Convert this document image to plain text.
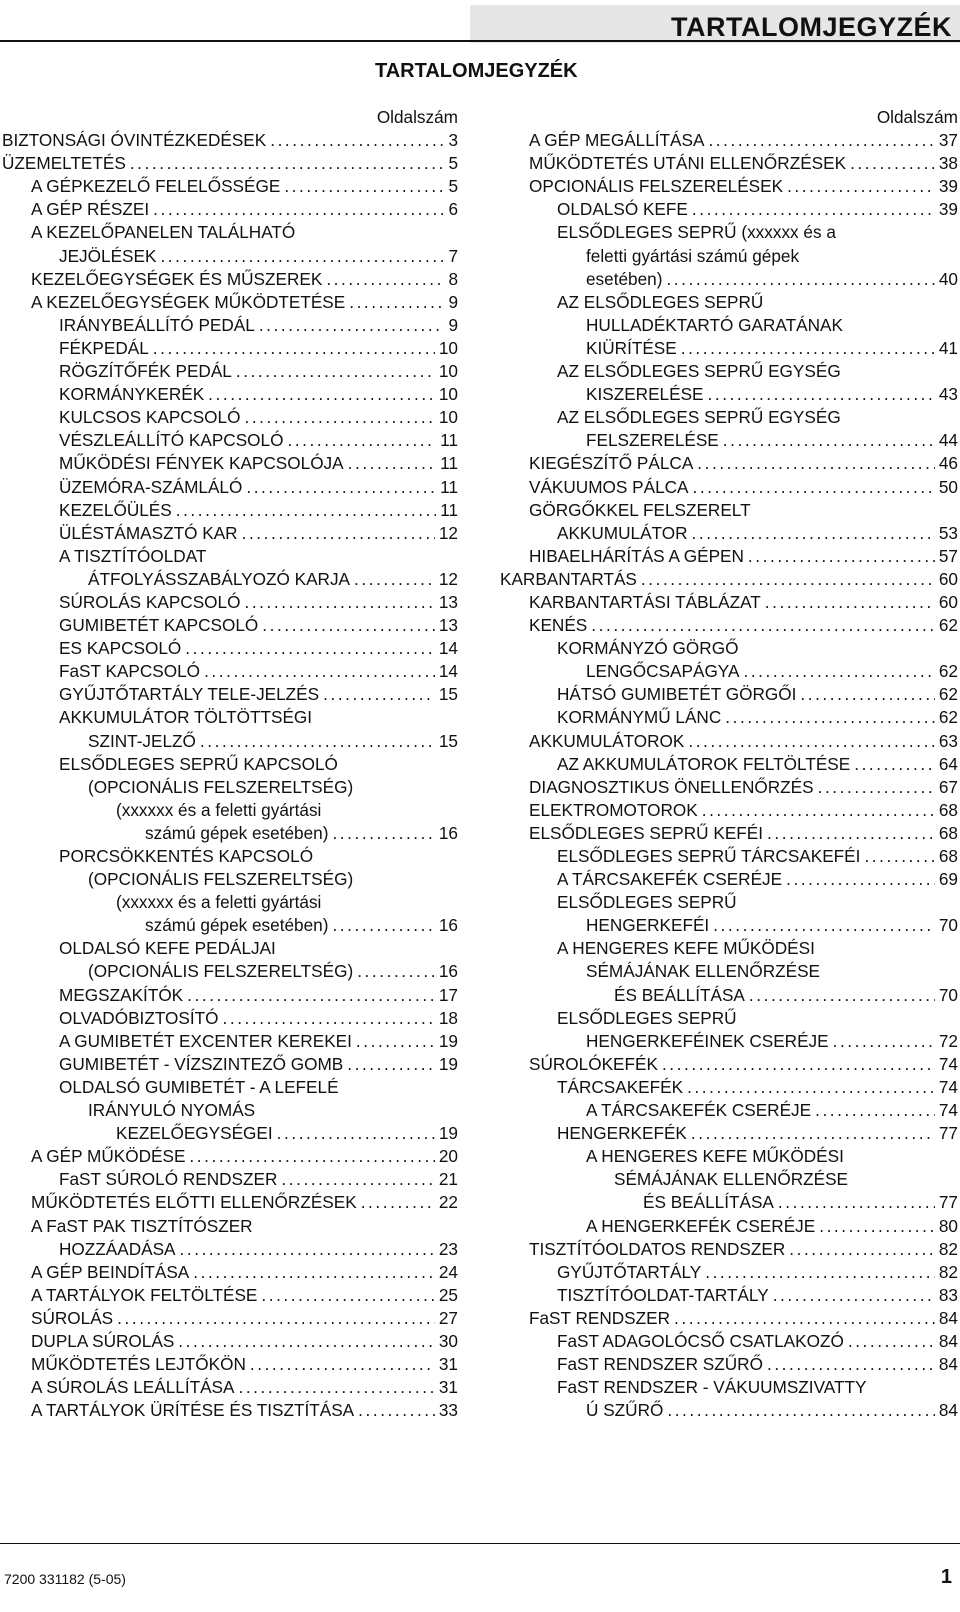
TARTALOMJEGYZÉK
TARTALOMJEGYZÉK
Oldalszám
BIZTONSÁGI ÓVINTÉZKEDÉSEK . . .	3
ÜZEMELTETÉS . . .	5
A GÉPKEZELŐ FELELŐSSÉGE . . .	5
A GÉP RÉSZEI . . .	6
A KEZELŐPANELEN TALÁLHATÓ
JEJÖLÉSEK . . .	7
KEZELŐEGYSÉGEK ÉS MŰSZEREK . . .	8
A KEZELŐEGYSÉGEK MŰKÖDTETÉSE . . .	9
IRÁNYBEÁLLÍTÓ PEDÁL . . .	9
FÉKPEDÁL . . .	10
RÖGZÍTŐFÉK PEDÁL . . .	10
KORMÁNYKERÉK . . .	10
KULCSOS KAPCSOLÓ . . .	10
VÉSZLEÁLLÍTÓ KAPCSOLÓ . . .	11
MŰKÖDÉSI FÉNYEK KAPCSOLÓJA . . .	11
ÜZEMÓRA-SZÁMLÁLÓ . . .	11
KEZELŐÜLÉS . . .	11
ÜLÉSTÁMASZTÓ KAR . . .	12
A TISZTÍTÓOLDAT
ÁTFOLYÁSSZABÁLYOZÓ KARJA . . .	12
SÚROLÁS KAPCSOLÓ . . .	13
GUMIBETÉT KAPCSOLÓ . . .	13
ES KAPCSOLÓ . . .	14
FaST KAPCSOLÓ . . .	14
GYŰJTŐTARTÁLY TELE-JELZÉS . . .	15
AKKUMULÁTOR TÖLTÖTTSÉGI
SZINT-JELZŐ . . .	15
ELSŐDLEGES SEPRŰ KAPCSOLÓ
(OPCIONÁLIS FELSZERELTSÉG)
(xxxxxx és a feletti gyártási
számú gépek esetében) . . .	16
PORCSÖKKENTÉS KAPCSOLÓ
(OPCIONÁLIS FELSZERELTSÉG)
(xxxxxx és a feletti gyártási
számú gépek esetében) . . .	16
OLDALSÓ KEFE PEDÁLJAI
(OPCIONÁLIS FELSZERELTSÉG) . . .	16
MEGSZAKÍTÓK . . .	17
OLVADÓBIZTOSÍTÓ . . .	18
A GUMIBETÉT EXCENTER KEREKEI . . .	19
GUMIBETÉT - VÍZSZINTEZŐ GOMB . . .	19
OLDALSÓ GUMIBETÉT - A LEFELÉ
IRÁNYULÓ NYOMÁS
KEZELŐEGYSÉGEI . . .	19
A GÉP MŰKÖDÉSE . . .	20
FaST SÚROLÓ RENDSZER . . .	21
MŰKÖDTETÉS ELŐTTI ELLENŐRZÉSEK . . .	22
A FaST PAK TISZTÍTÓSZER
HOZZÁADÁSA . . .	23
A GÉP BEINDÍTÁSA . . .	24
A TARTÁLYOK FELTÖLTÉSE . . .	25
SÚROLÁS . . .	27
DUPLA SÚROLÁS . . .	30
MŰKÖDTETÉS LEJTŐKÖN . . .	31
A SÚROLÁS LEÁLLÍTÁSA . . .	31
A TARTÁLYOK ÜRÍTÉSE ÉS TISZTÍTÁSA . . .	33
Oldalszám
A GÉP MEGÁLLÍTÁSA . . .	37
MŰKÖDTETÉS UTÁNI ELLENŐRZÉSEK . . .	38
OPCIONÁLIS FELSZERELÉSEK . . .	39
OLDALSÓ KEFE . . .	39
ELSŐDLEGES SEPRŰ (xxxxxx és a
feletti gyártási számú gépek
esetében) . . .	40
AZ ELSŐDLEGES SEPRŰ
HULLADÉKTARTÓ GARATÁNAK
KIÜRÍTÉSE . . .	41
AZ ELSŐDLEGES SEPRŰ EGYSÉG
KISZERELÉSE . . .	43
AZ ELSŐDLEGES SEPRŰ EGYSÉG
FELSZERELÉSE . . .	44
KIEGÉSZÍTŐ PÁLCA . . .	46
VÁKUUMOS PÁLCA . . .	50
GÖRGŐKKEL FELSZERELT
AKKUMULÁTOR . . .	53
HIBAELHÁRÍTÁS A GÉPEN . . .	57
KARBANTARTÁS . . .	60
KARBANTARTÁSI TÁBLÁZAT . . .	60
KENÉS . . .	62
KORMÁNYZÓ GÖRGŐ
LENGŐCSAPÁGYA . . .	62
HÁTSÓ GUMIBETÉT GÖRGŐI . . .	62
KORMÁNYMŰ LÁNC . . .	62
AKKUMULÁTOROK . . .	63
AZ AKKUMULÁTOROK FELTÖLTÉSE . . .	64
DIAGNOSZTIKUS ÖNELLENŐRZÉS . . .	67
ELEKTROMOTOROK . . .	68
ELSŐDLEGES SEPRŰ KEFÉI . . .	68
ELSŐDLEGES SEPRŰ TÁRCSAKEFÉI . . .	68
A TÁRCSAKEFÉK CSERÉJE . . .	69
ELSŐDLEGES SEPRŰ
HENGERKEFÉI . . .	70
A HENGERES KEFE MŰKÖDÉSI
SÉMÁJÁNAK ELLENŐRZÉSE
ÉS BEÁLLÍTÁSA . . .	70
ELSŐDLEGES SEPRŰ
HENGERKEFÉINEK CSERÉJE . . .	72
SÚROLÓKEFÉK . . .	74
TÁRCSAKEFÉK . . .	74
A TÁRCSAKEFÉK CSERÉJE . . .	74
HENGERKEFÉK . . .	77
A HENGERES KEFE MŰKÖDÉSI
SÉMÁJÁNAK ELLENŐRZÉSE
ÉS BEÁLLÍTÁSA . . .	77
A HENGERKEFÉK CSERÉJE . . .	80
TISZTÍTÓOLDATOS RENDSZER . . .	82
GYŰJTŐTARTÁLY . . .	82
TISZTÍTÓOLDAT-TARTÁLY . . .	83
FaST RENDSZER . . .	84
FaST ADAGOLÓCSŐ CSATLAKOZÓ . . .	84
FaST RENDSZER SZŰRŐ . . .	84
FaST RENDSZER - VÁKUUMSZIVATTY
Ú SZŰRŐ . . .	84
7200 331182 (5-05)	1
